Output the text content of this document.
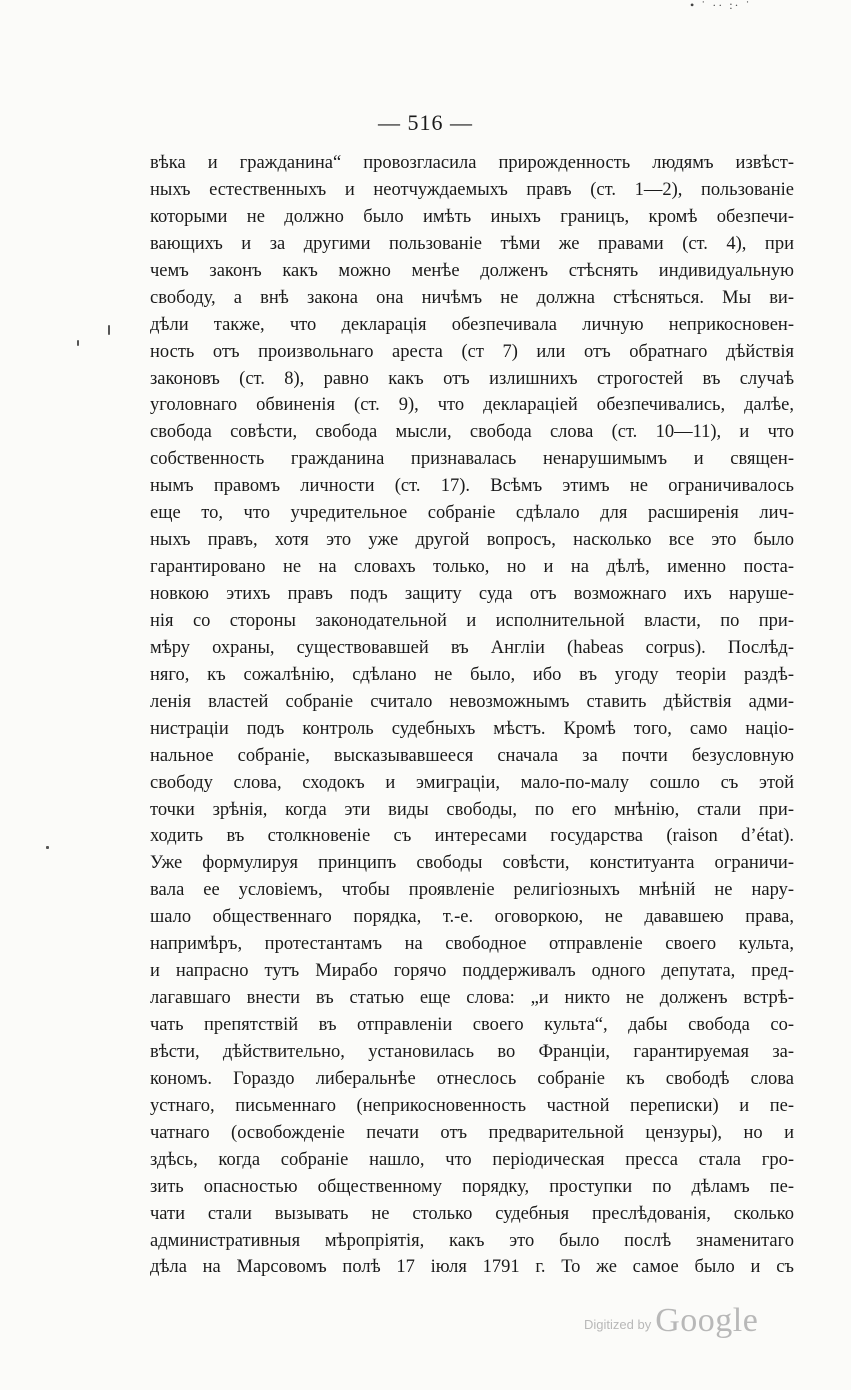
• ˙ ·· :· ˙
— 516 —
вѣка и гражданина“ провозгласила прирожденность людямъ извѣст-
ныхъ естественныхъ и неотчуждаемыхъ правъ (ст. 1—2), пользованіе
которыми не должно было имѣть иныхъ границъ, кромѣ обезпечи-
вающихъ и за другими пользованіе тѣми же правами (ст. 4), при
чемъ законъ какъ можно менѣе долженъ стѣснять индивидуальную
свободу, а внѣ закона она ничѣмъ не должна стѣсняться. Мы ви-
дѣли также, что декларація обезпечивала личную неприкосновен-
ность отъ произвольнаго ареста (ст 7) или отъ обратнаго дѣйствія
законовъ (ст. 8), равно какъ отъ излишнихъ строгостей въ случаѣ
уголовнаго обвиненія (ст. 9), что деклараціей обезпечивались, далѣе,
свобода совѣсти, свобода мысли, свобода слова (ст. 10—11), и что
собственность гражданина признавалась ненарушимымъ и священ-
нымъ правомъ личности (ст. 17). Всѣмъ этимъ не ограничивалось
еще то, что учредительное собраніе сдѣлало для расширенія лич-
ныхъ правъ, хотя это уже другой вопросъ, насколько все это было
гарантировано не на словахъ только, но и на дѣлѣ, именно поста-
новкою этихъ правъ подъ защиту суда отъ возможнаго ихъ нарушe-
нія со стороны законодательной и исполнительной власти, по при-
мѣру охраны, существовавшей въ Англіи (habeas corpus). Послѣд-
няго, къ сожалѣнію, сдѣлано не было, ибо въ угоду теоріи раздѣ-
ленія властей собраніе считало невозможнымъ ставить дѣйствія адми-
нистраціи подъ контроль судебныхъ мѣстъ. Кромѣ того, само націо-
нальное собраніе, высказывавшееся сначала за почти безусловную
свободу слова, сходокъ и эмиграціи, мало-по-малу сошло съ этой
точки зрѣнія, когда эти виды свободы, по его мнѣнію, стали при-
ходить въ столкновеніе съ интересами государства (raison d’état).
Уже формулируя принципъ свободы совѣсти, конституанта ограничи-
вала ее условіемъ, чтобы проявленіе религіозныхъ мнѣній не нару-
шало общественнаго порядка, т.-е. оговоркою, не дававшею права,
напримѣръ, протестантамъ на свободное отправленіе своего культа,
и напрасно тутъ Мирабо горячо поддерживалъ одного депутата, пред-
лагавшаго внести въ статью еще слова: „и никто не долженъ встрѣ-
чать препятствій въ отправленіи своего культа“, дабы свобода со-
вѣсти, дѣйствительно, установилась во Франціи, гарантируемая за-
кономъ. Гораздо либеральнѣе отнеслось собраніе къ свободѣ слова
устнаго, письменнаго (неприкосновенность частной переписки) и пе-
чатнаго (освобожденіе печати отъ предварительной цензуры), но и
здѣсь, когда собраніе нашло, что періодическая пресса стала гро-
зить опасностью общественному порядку, проступки по дѣламъ пе-
чати стали вызывать не столько судебныя преслѣдованія, сколько
административныя мѣропріятія, какъ это было послѣ знаменитаго
дѣла на Марсовомъ полѣ 17 іюля 1791 г. То же самое было и съ
Digitized by Google
